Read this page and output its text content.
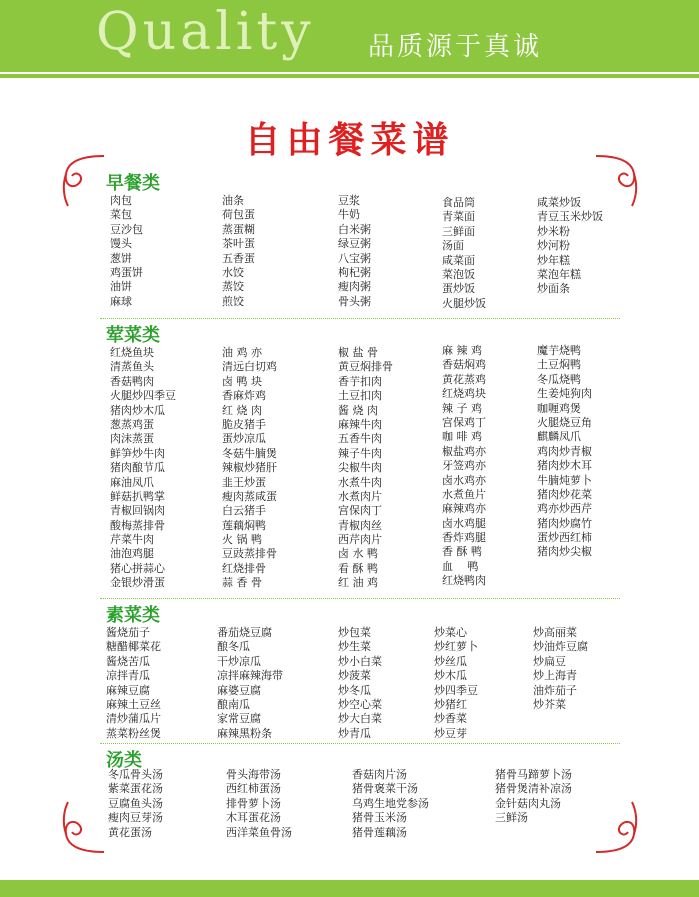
Quality 品质源于真诚
自由餐菜谱
早餐类
肉包
菜包
豆沙包
馒头
葱饼
鸡蛋饼
油饼
麻球
油条
荷包蛋
蒸蛋糊
茶叶蛋
五香蛋
水饺
蒸饺
煎饺
豆浆
牛奶
白米粥
绿豆粥
八宝粥
枸杞粥
瘦肉粥
骨头粥
食品筒
青菜面
三鲜面
汤面
咸菜面
菜泡饭
蛋炒饭
火腿炒饭
咸菜炒饭
青豆玉米炒饭
炒米粉
炒河粉
炒年糕
菜泡年糕
炒面条
荤菜类
红烧鱼块
清蒸鱼头
香菇鸭肉
火腿炒四季豆
猪肉炒木瓜
葱蒸鸡蛋
肉沫蒸蛋
鲜笋炒牛肉
猪肉酿节瓜
麻油凤爪
鲜菇扒鸭掌
青椒回锅肉
酸梅蒸排骨
芹菜牛肉
油泡鸡腿
猪心拼蒜心
金银炒滑蛋
油 鸡 亦
清远白切鸡
卤 鸭 块
香麻炸鸡
红 烧 肉
脆皮猪手
蛋炒凉瓜
冬菇牛腩煲
辣椒炒猪肝
韭王炒蛋
瘦肉蒸咸蛋
白云猪手
莲藕焖鸭
火 锅 鸭
豆豉蒸排骨
红烧排骨
蒜 香 骨
椒 盐 骨
黄豆焖排骨
香芋扣肉
土豆扣肉
酱 烧 肉
麻辣牛肉
五香牛肉
辣子牛肉
尖椒牛肉
水煮牛肉
水煮肉片
宫保肉丁
青椒肉丝
西芹肉片
卤 水 鸭
看 酥 鸭
红 油 鸡
麻 辣 鸡
香菇焖鸡
黄花蒸鸡
红烧鸡块
辣 子 鸡
宫保鸡丁
咖 啡 鸡
椒盐鸡亦
牙签鸡亦
卤水鸡亦
水煮鱼片
麻辣鸡亦
卤水鸡腿
香炸鸡腿
香 酥 鸭
血　 鸭
红烧鸭肉
魔芋烧鸭
土豆焖鸭
冬瓜烧鸭
生姜炖狗肉
咖喱鸡煲
火腿烧豆角
麒麟凤爪
鸡肉炒青椒
猪肉炒木耳
牛腩炖萝卜
猪肉炒花菜
鸡亦炒西芹
猪肉炒腐竹
蛋炒西红柿
猪肉炒尖椒
素菜类
酱烧茄子
糖醋椰菜花
酱烧苦瓜
凉拌青瓜
麻辣豆腐
麻辣土豆丝
清炒蒲瓜片
蒸菜粉丝煲
番茄烧豆腐
酿冬瓜
干炒凉瓜
凉拌麻辣海带
麻婆豆腐
酿南瓜
家常豆腐
麻辣黑粉条
炒包菜
炒生菜
炒小白菜
炒菠菜
炒冬瓜
炒空心菜
炒大白菜
炒青瓜
炒菜心
炒红萝卜
炒丝瓜
炒木瓜
炒四季豆
炒猪红
炒香菜
炒豆芽
炒高丽菜
炒油炸豆腐
炒扁豆
炒上海青
油炸茄子
炒芥菜
汤类
冬瓜骨头汤
紫菜蛋花汤
豆腐鱼头汤
瘦肉豆芽汤
黄花蛋汤
骨头海带汤
西红柿蛋汤
排骨萝卜汤
木耳蛋花汤
西洋菜鱼骨汤
香菇肉片汤
猪骨褒菜干汤
乌鸡生地党参汤
猪骨玉米汤
猪骨莲藕汤
猪骨马蹄萝卜汤
猪骨煲清补凉汤
金针菇肉丸汤
三鲜汤
